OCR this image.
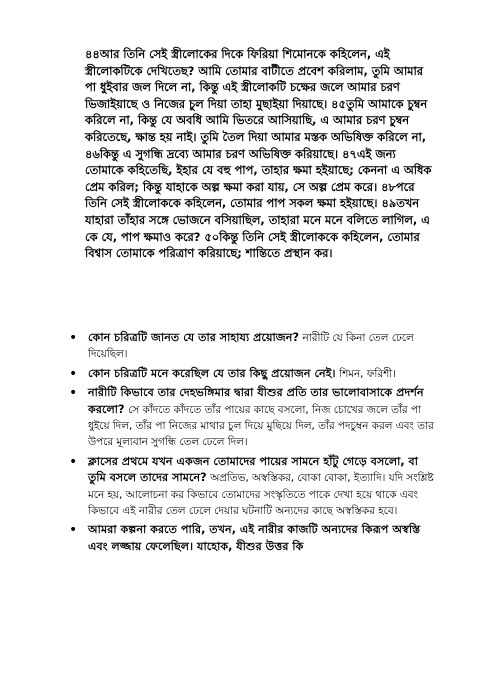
৪৪আর তিনি সেই স্ত্রীলোকের দিকে ফিরিয়া শিমোনকে কহিলেন, এই স্ত্রীলোকটিকে দেখিতেছ? আমি তোমার বাটীতে প্রবেশ করিলাম, তুমি আমার পা ধুইবার জল দিলে না, কিন্তু এই স্ত্রীলোকটি চক্ষের জলে আমার চরণ ভিজাইয়াছে ও নিজের চুল দিয়া তাহা মুছাইয়া দিয়াছে। ৪৫তুমি আমাকে চুম্বন করিলে না, কিন্তু যে অবধি আমি ভিতরে আসিয়াছি, এ আমার চরণ চুম্বন করিতেছে, ক্ষান্ত হয় নাই। তুমি তৈল দিয়া আমার মস্তক অভিষিক্ত করিলে না, ৪৬কিন্তু এ সুগন্ধি দ্রব্যে আমার চরণ অভিষিক্ত করিয়াছে। ৪৭এই জন্য তোমাকে কহিতেছি, ইহার যে বহু পাপ, তাহার ক্ষমা হইয়াছে; কেননা এ অধিক প্রেম করিল; কিন্তু যাহাকে অল্প ক্ষমা করা যায়, সে অল্প প্রেম করে। ৪৮পরে তিনি সেই স্ত্রীলোককে কহিলেন, তোমার পাপ সকল ক্ষমা হইয়াছে। ৪৯তখন যাহারা তাঁহার সঙ্গে ভোজনে বসিয়াছিল, তাহারা মনে মনে বলিতে লাগিল, এ কে যে, পাপ ক্ষমাও করে? ৫০কিন্তু তিনি সেই স্ত্রীলোককে কহিলেন, তোমার বিশ্বাস তোমাকে পরিত্রাণ করিয়াছে; শান্তিতে প্রস্থান কর।

• কোন চরিত্রটি জানত যে তার সাহায্য প্রয়োজন? নারীটি যে কিনা তেল ঢেলে দিয়েছিল।
• কোন চরিত্রটি মনে করেছিল যে তার কিছু প্রয়োজন নেই। শিমন, ফরিশী।
• নারীটি কিভাবে তার দেহভঙ্গিমার দ্বারা যীশুর প্রতি তার ভালোবাসাকে প্রদর্শন করলো? সে কাঁদতে কাঁদতে তাঁর পায়ের কাছে বসলো, নিজ চোখের জলে তাঁর পা ধুইয়ে দিল, তাঁর পা নিজের মাথার চুল দিয়ে মুছিয়ে দিল, তাঁর পদচুম্বন করল এবং তার উপরে মূল্যবান সুগন্ধি তেল ঢেলে দিল।
• ক্লাসের প্রথমে যখন একজন তোমাদের পায়ের সামনে হাঁটু গেড়ে বসলো, বা তুমি বসলে তাদের সামনে? অপ্রতিভ, অস্বস্তিকর, বোকা বোকা, ইত্যাদি। যদি সংশ্লিষ্ট মনে হয়, আলোচনা কর কিভাবে তোমাদের সংস্কৃতিতে পাকে দেখা হয়ে থাকে এবং কিভাবে এই নারীর তেল ঢেলে দেয়ার ঘটনাটি অন্যদের কাছে অস্বস্তিকর হবে।
• আমরা কল্পনা করতে পারি, তখন, এই নারীর কাজটি অন্যদের কিরূপ অস্বস্তি এবং লজ্জায় ফেলেছিল। যাহোক, যীশুর উত্তর কি
